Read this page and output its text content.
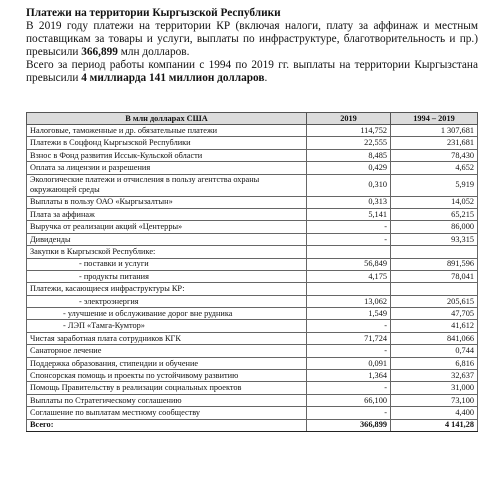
Платежи на территории Кыргызской Республики

В 2019 году платежи на территории КР (включая налоги, плату за аффинаж и местным поставщикам за товары и услуги, выплаты по инфраструктуре, благотворительность и пр.) превысили 366,899 млн долларов.

Всего за период работы компании с 1994 по 2019 гг. выплаты на территории Кыргызстана превысили 4 миллиарда 141 миллион долларов.

В млн долларах США	2019	1994 – 2019
Налоговые, таможенные и др. обязательные платежи	114,752	1 307,681
Платежи в Соцфонд Кыргызской Республики	22,555	231,681
Взнос в Фонд развития Иссык-Кульской области	8,485	78,430
Оплата за лицензии и разрешения	0,429	4,652
Экологические платежи и отчисления в пользу агентства охраны окружающей среды	0,310	5,919
Выплаты в пользу ОАО «Кыргызалтын»	0,313	14,052
Плата за аффинаж	5,141	65,215
Выручка от реализации акций «Центерры»	-	86,000
Дивиденды	-	93,315
Закупки в Кыргызской Республике:		
- поставки и услуги	56,849	891,596
- продукты питания	4,175	78,041
Платежи, касающиеся инфраструктуры КР:		
- электроэнергия	13,062	205,615
- улучшение и обслуживание дорог вне рудника	1,549	47,705
- ЛЭП «Тамга-Кумтор»	-	41,612
Чистая заработная плата сотрудников КГК	71,724	841,066
Санаторное лечение	-	0,744
Поддержка образования, стипендии и обучение	0,091	6,816
Спонсорская помощь и проекты по устойчивому развитию	1,364	32,637
Помощь Правительству в реализации социальных проектов	-	31,000
Выплаты по Стратегическому соглашению	66,100	73,100
Соглашение по выплатам местному сообществу	-	4,400
Всего:	366,899	4 141,28
